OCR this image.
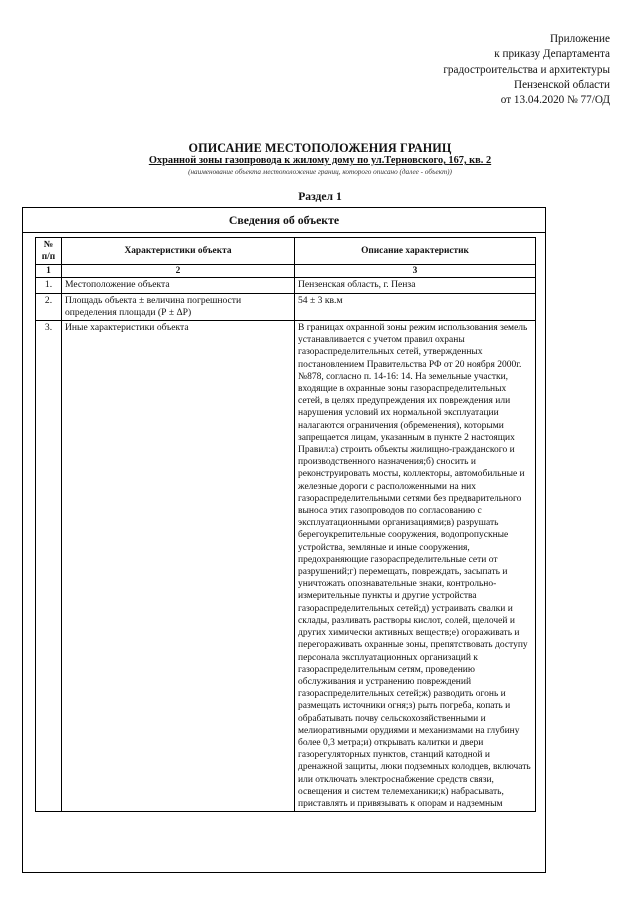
Приложение
к приказу Департамента
градостроительства и архитектуры
Пензенской области
от 13.04.2020 № 77/ОД
ОПИСАНИЕ МЕСТОПОЛОЖЕНИЯ ГРАНИЦ
Охранной зоны газопровода к жилому дому по ул.Терновского, 167, кв. 2
(наименование объекта местоположение границ, которого описано (далее - объект))
Раздел 1
Сведения об объекте
№ п/п	Характеристики объекта	Описание характеристик
1	2	3
1.	Местоположение объекта	Пензенская область, г. Пенза
2.	Площадь объекта ± величина погрешности определения площади (Р ± ΔР)	54 ± 3 кв.м
3.	Иные характеристики объекта	В границах охранной зоны режим использования земель устанавливается с учетом правил охраны газораспределительных сетей, утвержденных постановлением Правительства РФ от 20 ноября 2000г. №878, согласно п. 14-16: 14. На земельные участки, входящие в охранные зоны газораспределительных сетей, в целях предупреждения их повреждения или нарушения условий их нормальной эксплуатации налагаются ограничения (обременения), которыми запрещается лицам, указанным в пункте 2 настоящих Правил:а) строить объекты жилищно-гражданского и производственного назначения;б) сносить и реконструировать мосты, коллекторы, автомобильные и железные дороги с расположенными на них газораспределительными сетями без предварительного выноса этих газопроводов по согласованию с эксплуатационными организациями;в) разрушать берегоукрепительные сооружения, водопропускные устройства, земляные и иные сооружения, предохраняющие газораспределительные сети от разрушений;г) перемещать, повреждать, засыпать и уничтожать опознавательные знаки, контрольно-измерительные пункты и другие устройства газораспределительных сетей;д) устраивать свалки и склады, разливать растворы кислот, солей, щелочей и других химически активных веществ;е) огораживать и перегораживать охранные зоны, препятствовать доступу персонала эксплуатационных организаций к газораспределительным сетям, проведению обслуживания и устранению повреждений газораспределительных сетей;ж) разводить огонь и размещать источники огня;з) рыть погреба, копать и обрабатывать почву сельскохозяйственными и мелиоративными орудиями и механизмами на глубину более 0,3 метра;и) открывать калитки и двери газорегуляторных пунктов, станций катодной и дренажной защиты, люки подземных колодцев, включать или отключать электроснабжение средств связи, освещения и систем телемеханики;к) набрасывать, приставлять и привязывать к опорам и надземным
